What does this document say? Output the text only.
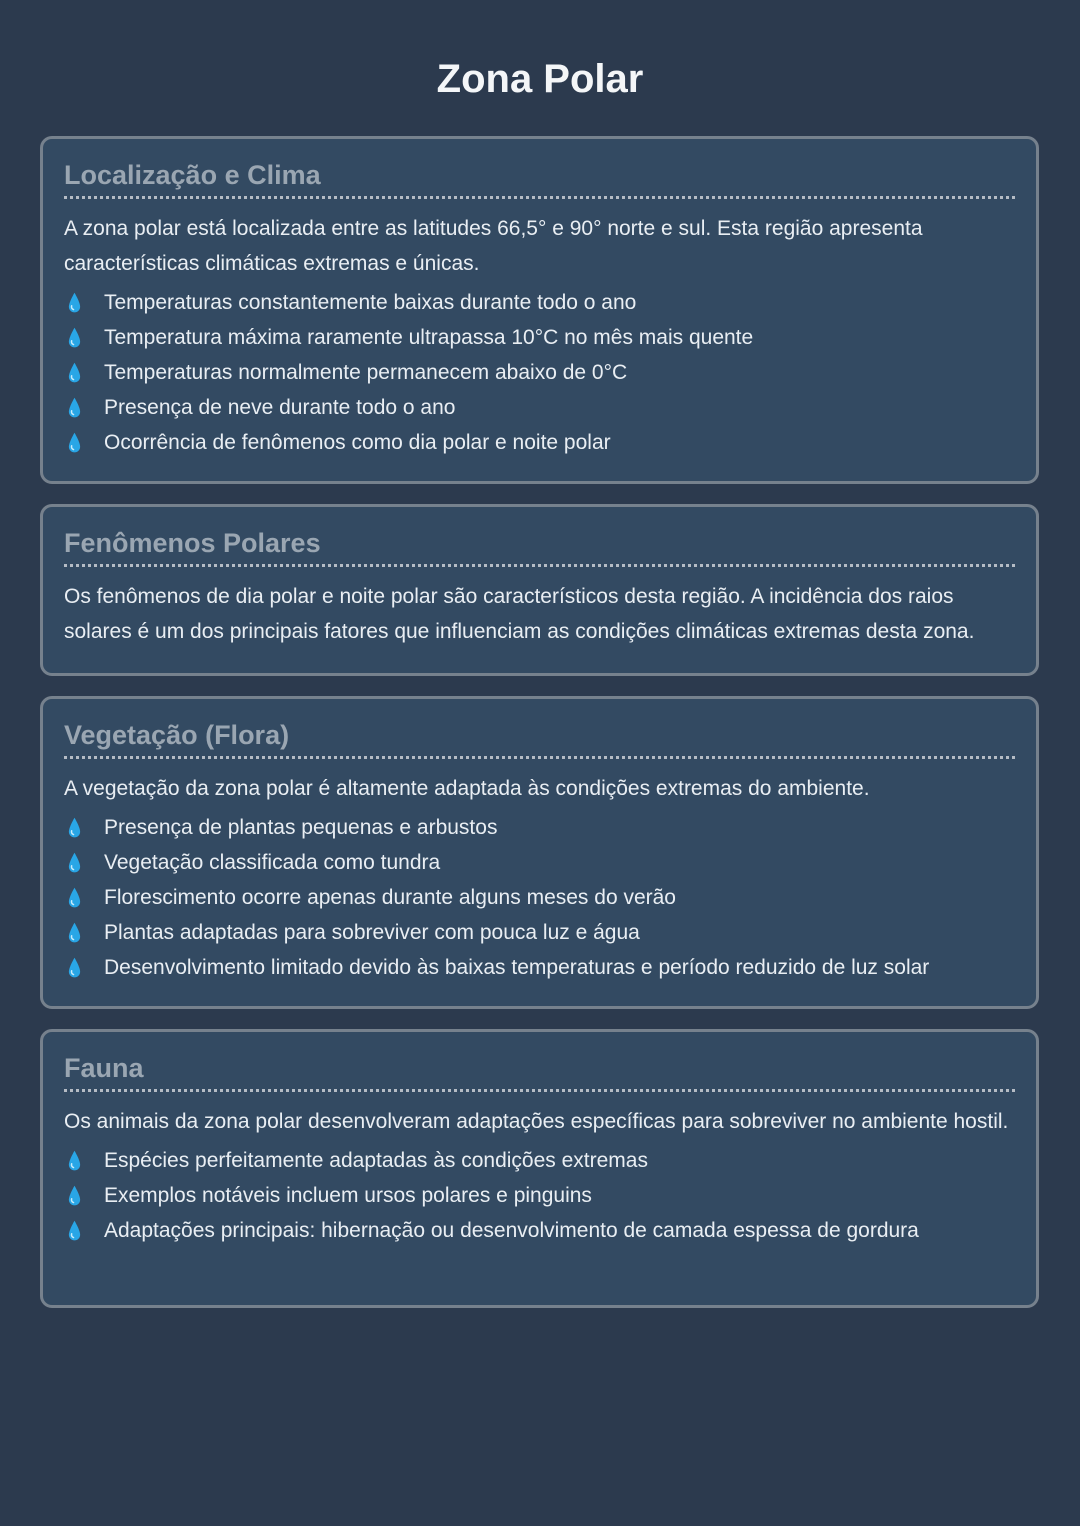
Zona Polar
Localização e Clima

A zona polar está localizada entre as latitudes 66,5° e 90° norte e sul. Esta região apresenta características climáticas extremas e únicas.

Temperaturas constantemente baixas durante todo o ano
Temperatura máxima raramente ultrapassa 10°C no mês mais quente
Temperaturas normalmente permanecem abaixo de 0°C
Presença de neve durante todo o ano
Ocorrência de fenômenos como dia polar e noite polar
Fenômenos Polares

Os fenômenos de dia polar e noite polar são característicos desta região. A incidência dos raios solares é um dos principais fatores que influenciam as condições climáticas extremas desta zona.

Vegetação (Flora)

A vegetação da zona polar é altamente adaptada às condições extremas do ambiente.

Presença de plantas pequenas e arbustos
Vegetação classificada como tundra
Florescimento ocorre apenas durante alguns meses do verão
Plantas adaptadas para sobreviver com pouca luz e água
Desenvolvimento limitado devido às baixas temperaturas e período reduzido de luz solar
Fauna

Os animais da zona polar desenvolveram adaptações específicas para sobreviver no ambiente hostil.

Espécies perfeitamente adaptadas às condições extremas
Exemplos notáveis incluem ursos polares e pinguins
Adaptações principais: hibernação ou desenvolvimento de camada espessa de gordura
